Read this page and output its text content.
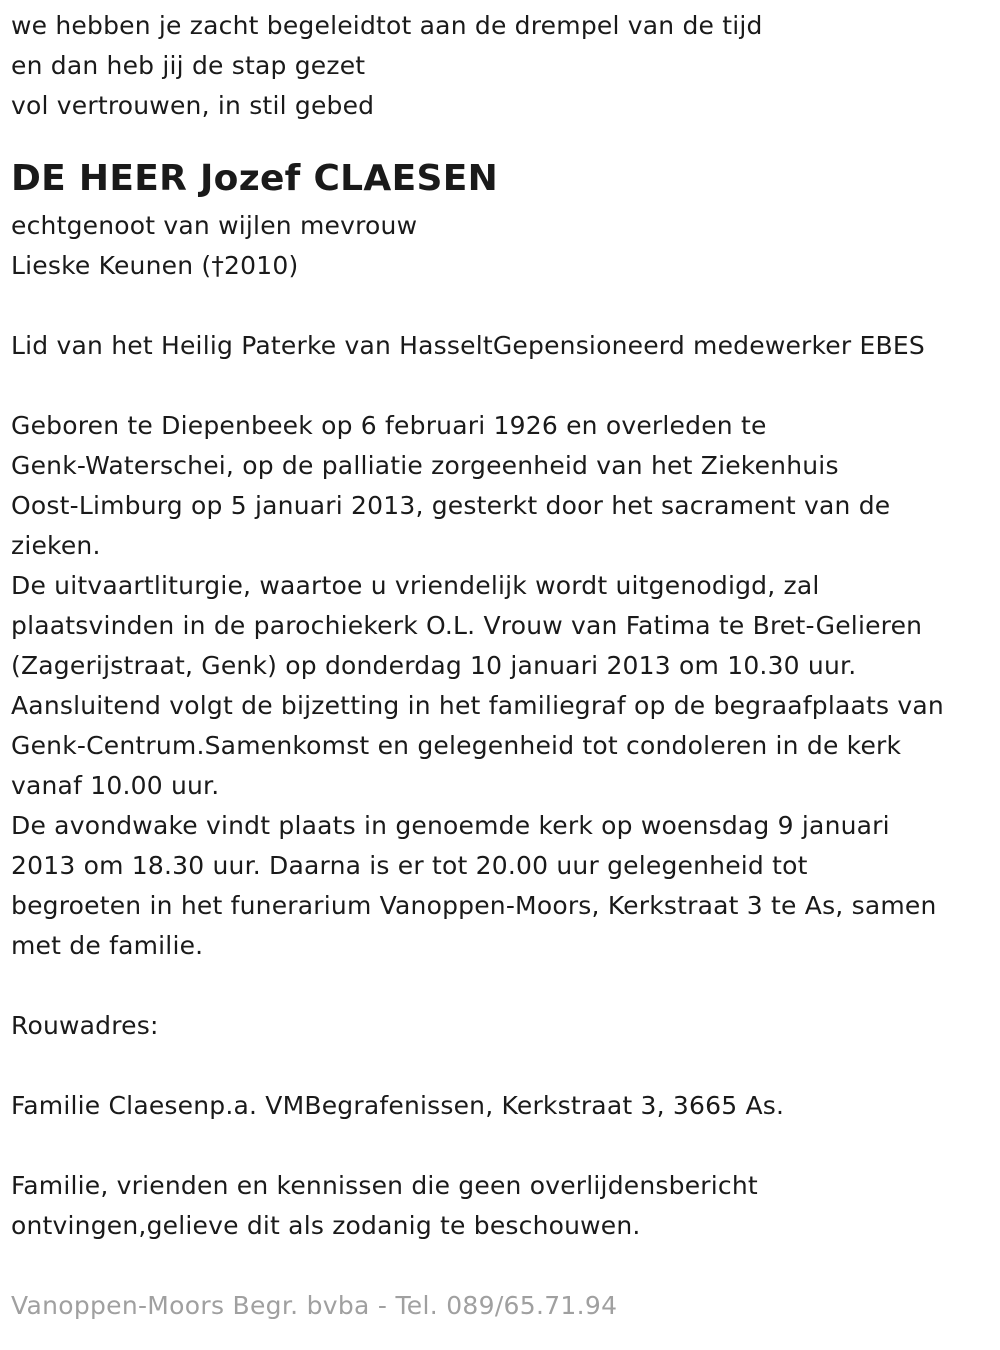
we hebben je zacht begeleidtot aan de drempel van de tijd
en dan heb jij de stap gezet
vol vertrouwen, in stil gebed
DE HEER Jozef CLAESEN
echtgenoot van wijlen mevrouw
Lieske Keunen (†2010)
Lid van het Heilig Paterke van HasseltGepensioneerd medewerker EBES
Geboren te Diepenbeek op 6 februari 1926 en overleden te
Genk-Waterschei, op de palliatie zorgeenheid van het Ziekenhuis
Oost-Limburg op 5 januari 2013, gesterkt door het sacrament van de
zieken.
De uitvaartliturgie, waartoe u vriendelijk wordt uitgenodigd, zal
plaatsvinden in de parochiekerk O.L. Vrouw van Fatima te Bret-Gelieren
(Zagerijstraat, Genk) op donderdag 10 januari 2013 om 10.30 uur.
Aansluitend volgt de bijzetting in het familiegraf op de begraafplaats van
Genk-Centrum.Samenkomst en gelegenheid tot condoleren in de kerk
vanaf 10.00 uur.
De avondwake vindt plaats in genoemde kerk op woensdag 9 januari
2013 om 18.30 uur. Daarna is er tot 20.00 uur gelegenheid tot
begroeten in het funerarium Vanoppen-Moors, Kerkstraat 3 te As, samen
met de familie.
Rouwadres:
Familie Claesenp.a. VMBegrafenissen, Kerkstraat 3, 3665 As.
Familie, vrienden en kennissen die geen overlijdensbericht
ontvingen,gelieve dit als zodanig te beschouwen.
Vanoppen-Moors Begr. bvba - Tel. 089/65.71.94
